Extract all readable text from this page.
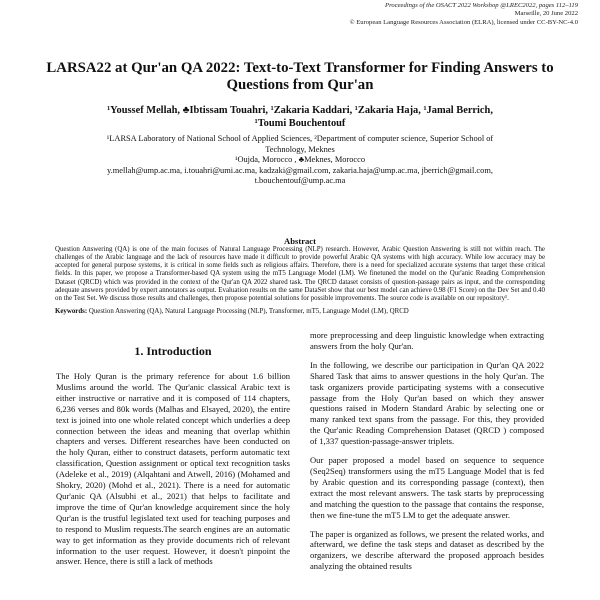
Proceedings of the OSACT 2022 Workshop @LREC2022, pages 112–119
Marseille, 20 June 2022
© European Language Resources Association (ELRA), licensed under CC-BY-NC-4.0
LARSA22 at Qur'an QA 2022: Text-to-Text Transformer for Finding Answers to Questions from Qur'an
¹Youssef Mellah, ♣Ibtissam Touahri, ¹Zakaria Kaddari, ¹Zakaria Haja, ¹Jamal Berrich,
¹Toumi Bouchentouf
¹LARSA Laboratory of National School of Applied Sciences, ²Department of computer science, Superior School of
Technology, Meknes
¹Oujda, Morocco , ♣Meknes, Morocco
y.mellah@ump.ac.ma, i.touahri@umi.ac.ma, kadzaki@gmail.com, zakaria.haja@ump.ac.ma, jberrich@gmail.com,
t.bouchentouf@ump.ac.ma
Abstract
Question Answering (QA) is one of the main focuses of Natural Language Processing (NLP) research. However, Arabic Question Answering is still not within reach. The challenges of the Arabic language and the lack of resources have made it difficult to provide powerful Arabic QA systems with high accuracy. While low accuracy may be accepted for general purpose systems, it is critical in some fields such as religious affairs. Therefore, there is a need for specialized accurate systems that target these critical fields. In this paper, we propose a Transformer-based QA system using the mT5 Language Model (LM). We finetuned the model on the Qur'anic Reading Comprehension Dataset (QRCD) which was provided in the context of the Qur'an QA 2022 shared task. The QRCD dataset consists of question-passage pairs as input, and the corresponding adequate answers provided by expert annotators as output. Evaluation results on the same DataSet show that our best model can achieve 0.98 (F1 Score) on the Dev Set and 0.40 on the Test Set. We discuss those results and challenges, then propose potential solutions for possible improvements. The source code is available on our repository¹.
Keywords: Question Answering (QA), Natural Language Processing (NLP), Transformer, mT5, Language Model (LM), QRCD
1. Introduction

The Holy Quran is the primary reference for about 1.6 billion Muslims around the world. The Qur'anic classical Arabic text is either instructive or narrative and it is composed of 114 chapters, 6,236 verses and 80k words (Malhas and Elsayed, 2020), the entire text is joined into one whole related concept which underlies a deep connection between the ideas and meaning that overlap whithin chapters and verses. Different researches have been conducted on the holy Quran, either to construct datasets, perform automatic text classification, Question assignment or optical text recognition tasks (Adeleke et al., 2019) (Alqahtani and Atwell, 2016) (Mohamed and Shokry, 2020) (Mohd et al., 2021). There is a need for automatic Qur'anic QA (Alsubhi et al., 2021) that helps to facilitate and improve the time of Qur'an knowledge acquirement since the holy Qur'an is the trustful legislated text used for teaching purposes and to respond to Muslim requests.The search engines are an automatic way to get information as they provide documents rich of relevant information to the user request. However, it doesn't pinpoint the answer. Hence, there is still a lack of methods

more preprocessing and deep linguistic knowledge when extracting answers from the holy Qur'an.

In the following, we describe our participation in Qur'an QA 2022 Shared Task that aims to answer questions in the holy Qur'an. The task organizers provide participating systems with a consecutive passage from the Holy Qur'an based on which they answer questions raised in Modern Standard Arabic by selecting one or many ranked text spans from the passage. For this, they provided the Qur'anic Reading Comprehension Dataset (QRCD ) composed of 1,337 question-passage-answer triplets.

Our paper proposed a model based on sequence to sequence (Seq2Seq) transformers using the mT5 Language Model that is fed by Arabic question and its corresponding passage (context), then extract the most relevant answers. The task starts by preprocessing and matching the question to the passage that contains the response, then we fine-tune the mT5 LM to get the adequate answer.

The paper is organized as follows, we present the related works, and afterward, we define the task steps and dataset as described by the organizers, we describe afterward the proposed approach besides analyzing the obtained results
